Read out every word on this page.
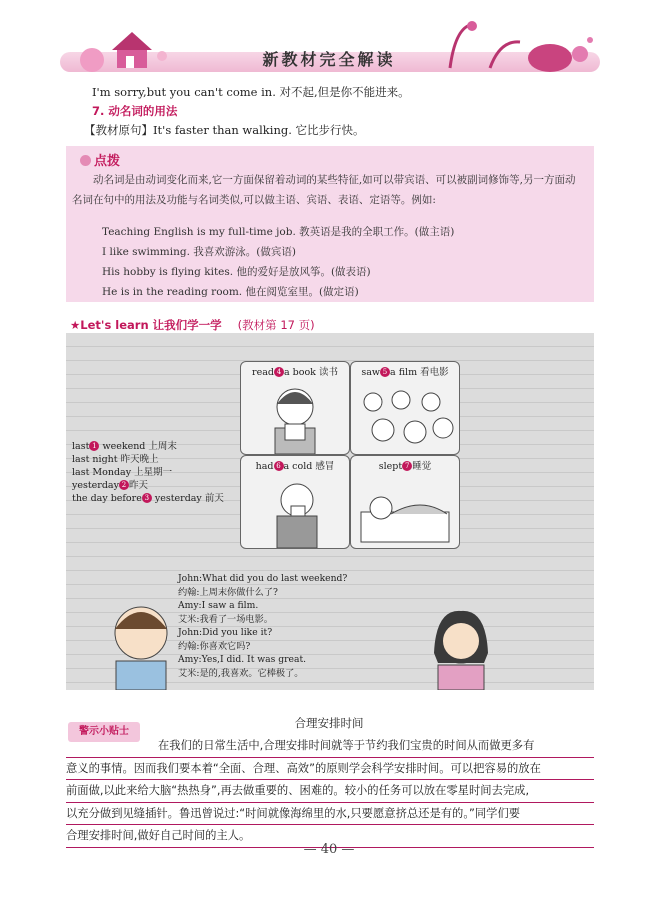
新教材完全解读
I'm sorry,but you can't come in. 对不起,但是你不能进来。
7. 动名词的用法
【教材原句】It's faster than walking. 它比步行快。
点拨
动名词是由动词变化而来,它一方面保留着动词的某些特征,如可以带宾语、可以被副词修饰等,另一方面动名词在句中的用法及功能与名词类似,可以做主语、宾语、表语、定语等。例如:
Teaching English is my full-time job. 教英语是我的全职工作。(做主语)
I like swimming. 我喜欢游泳。(做宾语)
His hobby is flying kites. 他的爱好是放风筝。(做表语)
He is in the reading room. 他在阅览室里。(做定语)
★Let's learn 让我们学一学 (教材第 17 页)
read 4 a book 读书	saw 5 a film 看电影
had 6 a cold 感冒	slept 7 睡觉
last 1 weekend 上周末
last night 昨天晚上
last Monday 上星期一
yesterday 2 昨天
the day before 3 yesterday 前天
John:What did you do last weekend?
约翰:上周末你做什么了?
Amy:I saw a film.
艾米:我看了一场电影。
John:Did you like it?
约翰:你喜欢它吗?
Amy:Yes,I did. It was great.
艾米:是的,我喜欢。它棒极了。
警示小贴士
合理安排时间

在我们的日常生活中,合理安排时间就等于节约我们宝贵的时间从而做更多有

意义的事情。因而我们要本着“全面、合理、高效”的原则学会科学安排时间。可以把容易的放在

前面做,以此来给大脑“热热身”,再去做重要的、困难的。较小的任务可以放在零星时间去完成,

以充分做到见缝插针。鲁迅曾说过:“时间就像海绵里的水,只要愿意挤总还是有的。”同学们要

合理安排时间,做好自己时间的主人。

— 40 —
